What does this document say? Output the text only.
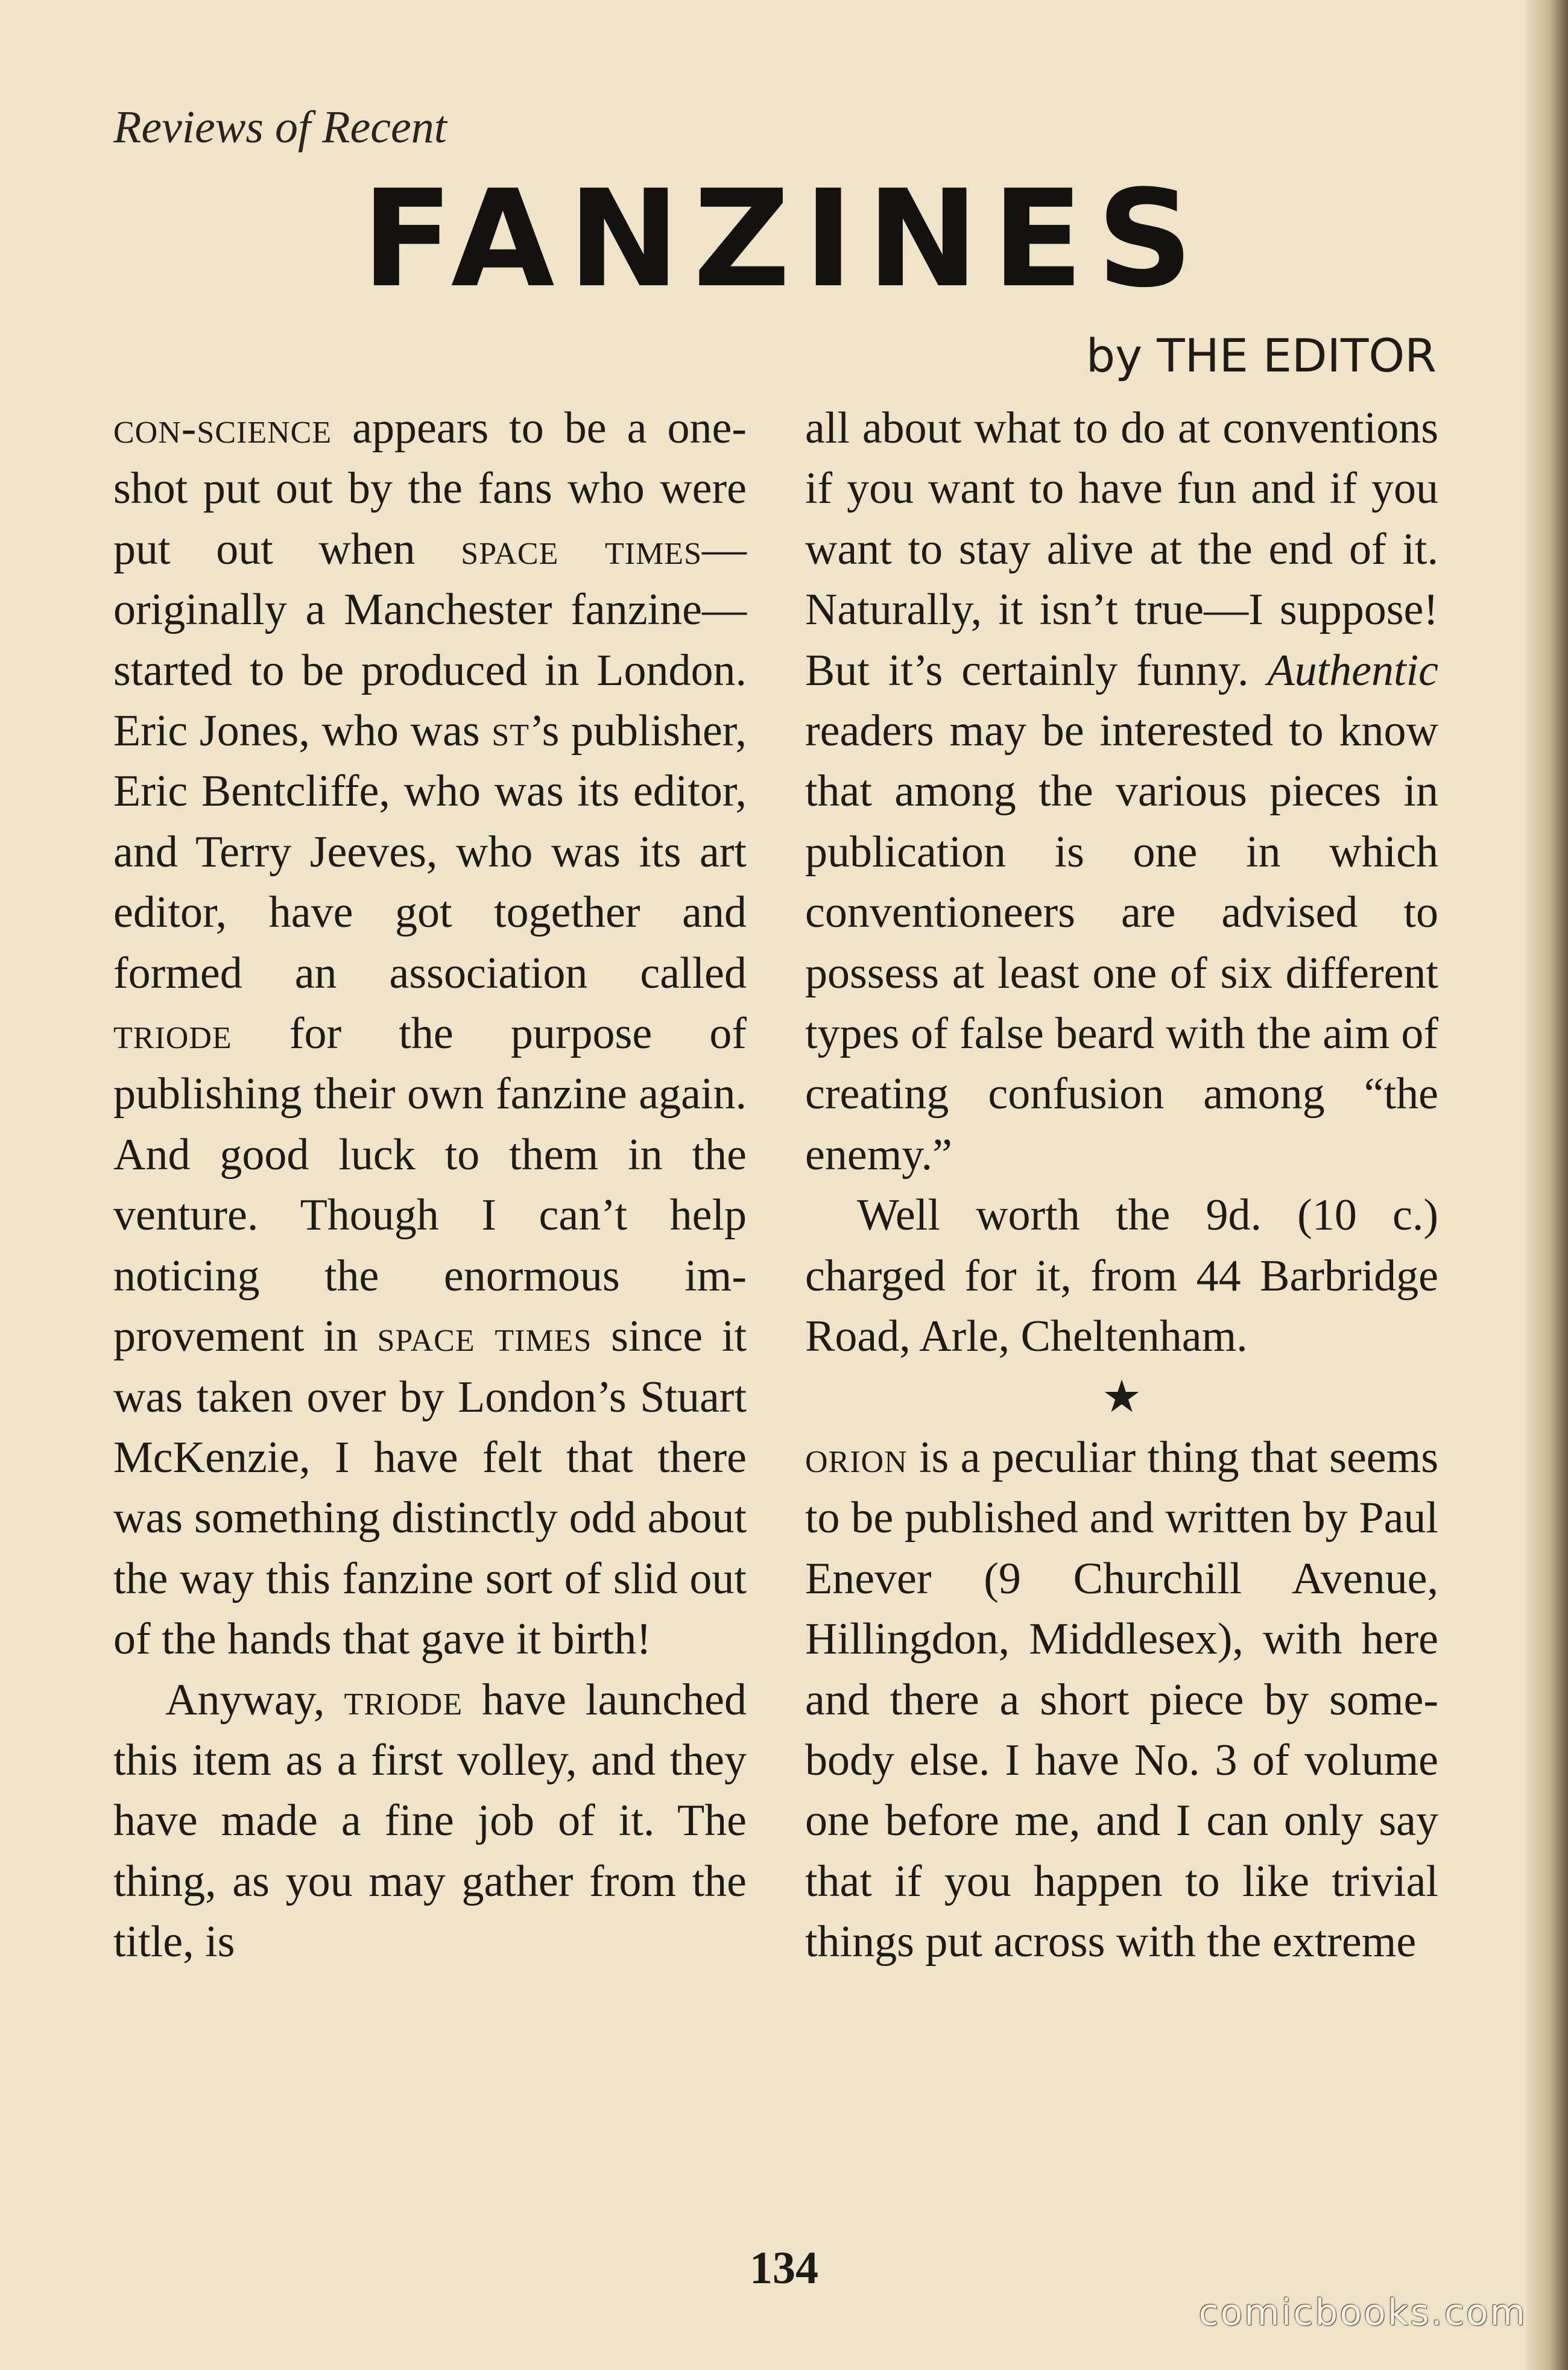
Reviews of Recent
FANZINES
by THE EDITOR

con-science appears to be a one-shot put out by the fans who were put out when space times—originally a Manchester fanzine—started to be produced in London. Eric Jones, who was st’s publisher, Eric Bentcliffe, who was its editor, and Terry Jeeves, who was its art editor, have got together and formed an association called triode for the purpose of publishing their own fanzine again. And good luck to them in the venture. Though I can’t help noticing the enormous improvement in space times since it was taken over by London’s Stuart McKenzie, I have felt that there was something distinctly odd about the way this fanzine sort of slid out of the hands that gave it birth!

Anyway, triode have launched this item as a first volley, and they have made a fine job of it. The thing, as you may gather from the title, is

all about what to do at conventions if you want to have fun and if you want to stay alive at the end of it. Naturally, it isn’t true—I suppose! But it’s certainly funny. Authentic readers may be interested to know that among the various pieces in publication is one in which conventioneers are advised to possess at least one of six different types of false beard with the aim of creating confusion among “the enemy.”

Well worth the 9d. (10 c.) charged for it, from 44 Barbridge Road, Arle, Cheltenham.

★

orion is a peculiar thing that seems to be published and written by Paul Enever (9 Churchill Avenue, Hillingdon, Middlesex), with here and there a short piece by somebody else. I have No. 3 of volume one before me, and I can only say that if you happen to like trivial things put across with the extreme

134
comicbooks.com
